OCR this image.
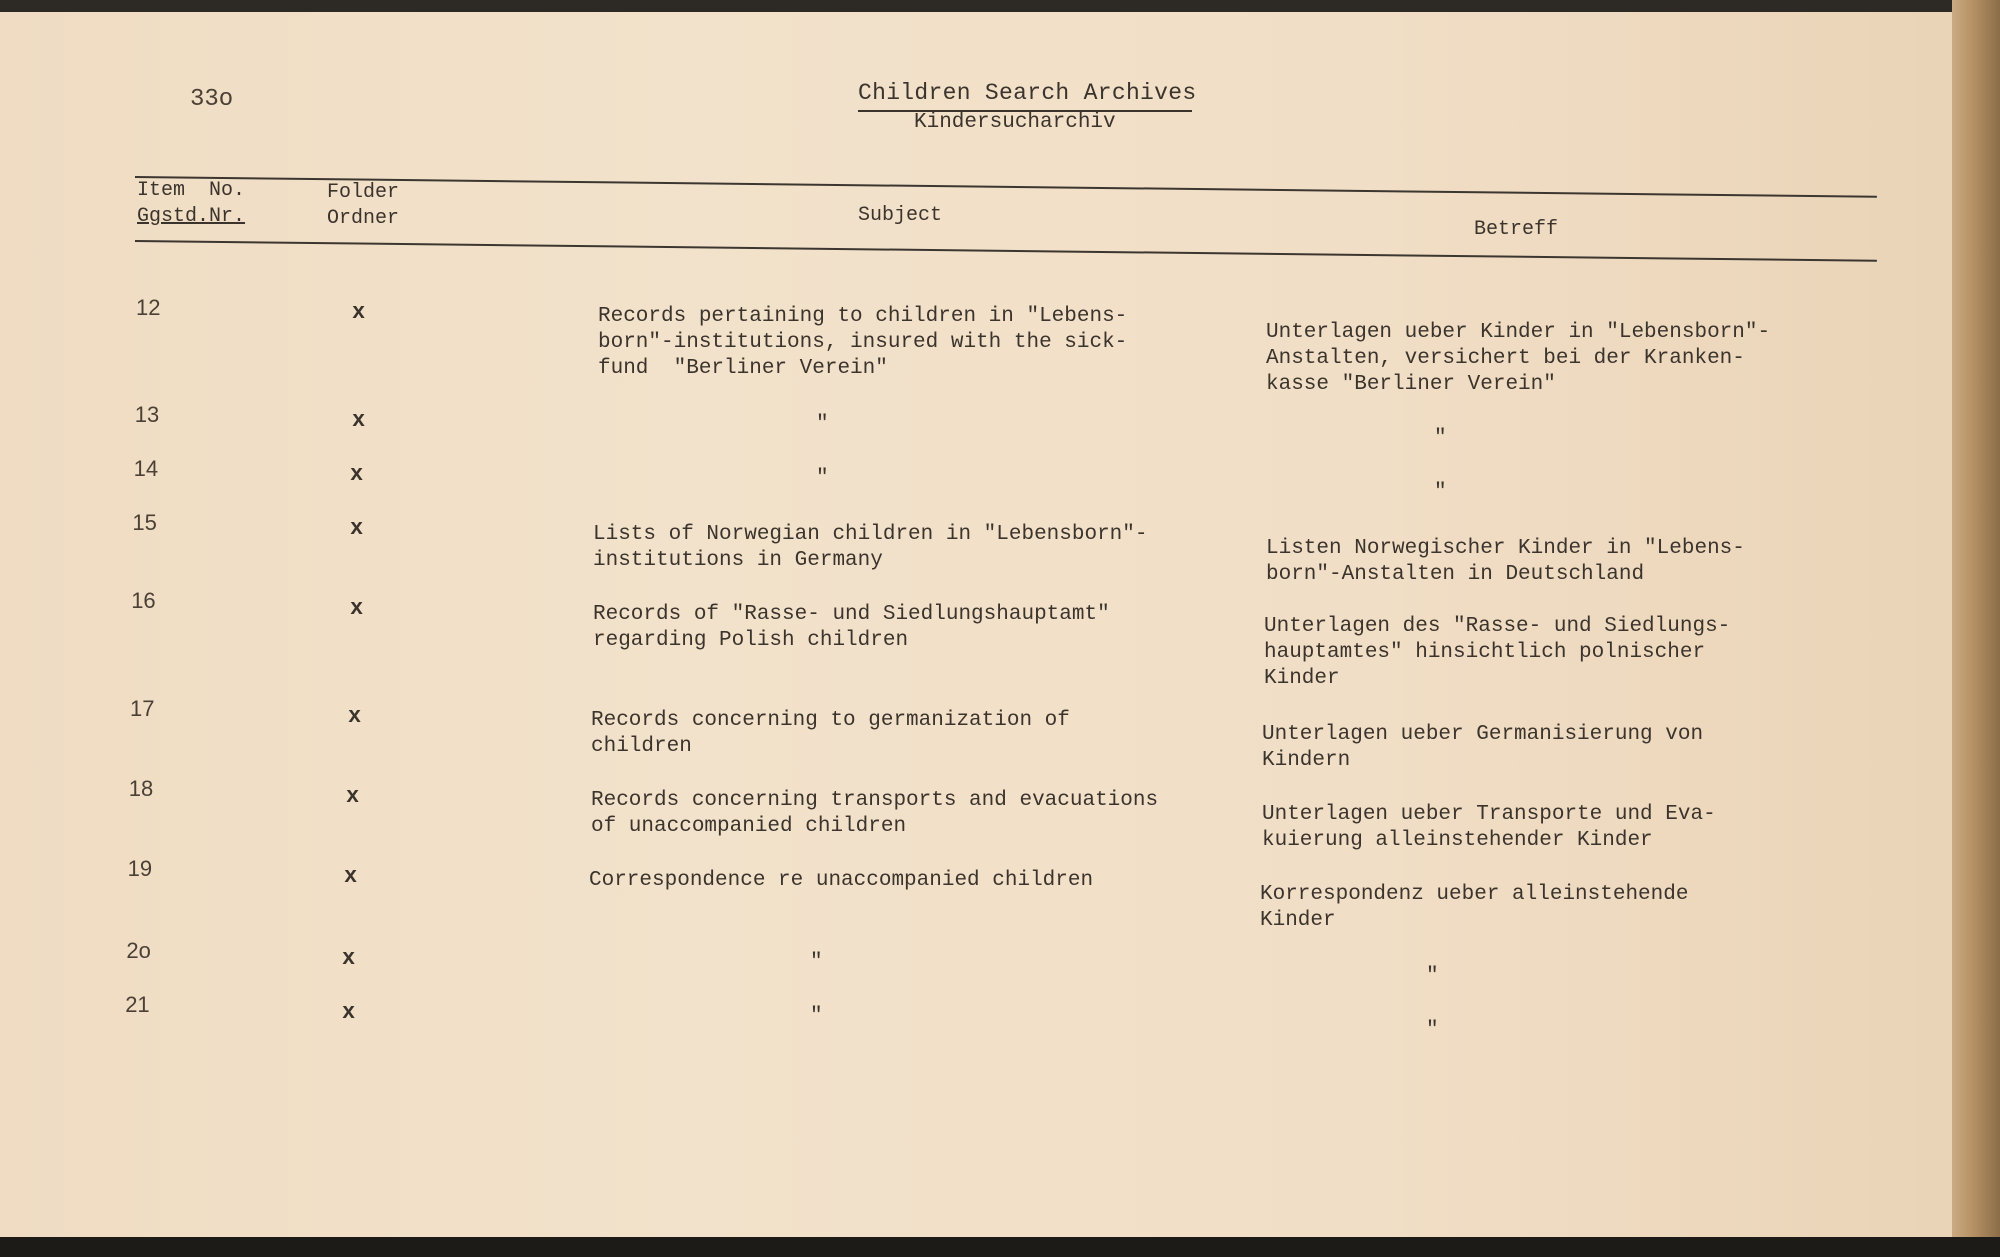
33o	Children Search Archives
Kindersucharchiv
Item  No.
Ggstd.Nr.
Folder
Ordner	Subject
Betreff
12	x	Records pertaining to children in "Lebens-
born"-institutions, insured with the sick-
fund  "Berliner Verein"
Unterlagen ueber Kinder in "Lebensborn"-
Anstalten, versichert bei der Kranken-
kasse "Berliner Verein"
13	x	"
"
14	x	"
"
15	x	Lists of Norwegian children in "Lebensborn"-
institutions in Germany
Listen Norwegischer Kinder in "Lebens-
born"-Anstalten in Deutschland
16	x	Records of "Rasse- und Siedlungshauptamt"
regarding Polish children
Unterlagen des "Rasse- und Siedlungs-
hauptamtes" hinsichtlich polnischer
Kinder
17	x	Records concerning to germanization of
children
Unterlagen ueber Germanisierung von
Kindern
18	x	Records concerning transports and evacuations
of unaccompanied children
Unterlagen ueber Transporte und Eva-
kuierung alleinstehender Kinder
19	x	Correspondence re unaccompanied children
Korrespondenz ueber alleinstehende
Kinder
2o	x	"
"
21	x	"
"
